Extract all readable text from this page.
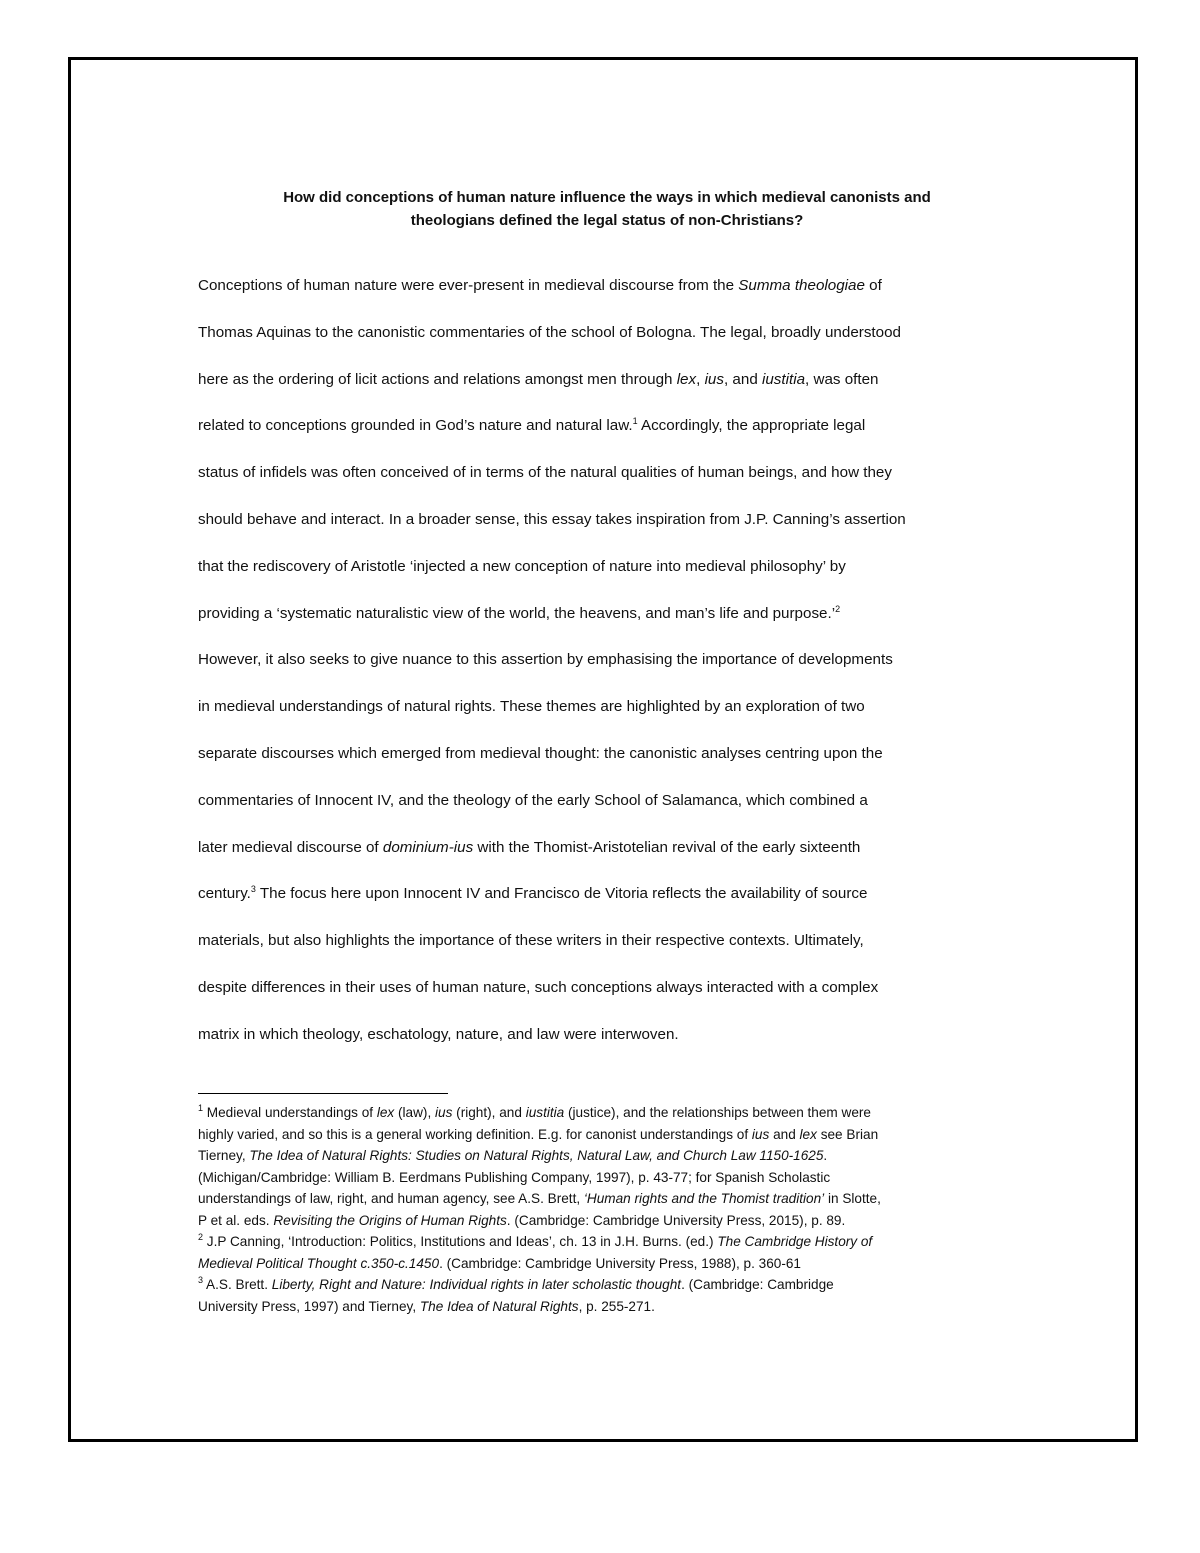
How did conceptions of human nature influence the ways in which medieval canonists and
theologians defined the legal status of non-Christians?
Conceptions of human nature were ever-present in medieval discourse from the Summa theologiae of
Thomas Aquinas to the canonistic commentaries of the school of Bologna. The legal, broadly understood
here as the ordering of licit actions and relations amongst men through lex, ius, and iustitia, was often
related to conceptions grounded in God’s nature and natural law.$^1$ Accordingly, the appropriate legal
status of infidels was often conceived of in terms of the natural qualities of human beings, and how they
should behave and interact. In a broader sense, this essay takes inspiration from J.P. Canning’s assertion
that the rediscovery of Aristotle ‘injected a new conception of nature into medieval philosophy’ by
providing a ‘systematic naturalistic view of the world, the heavens, and man’s life and purpose.’$^2$
However, it also seeks to give nuance to this assertion by emphasising the importance of developments
in medieval understandings of natural rights. These themes are highlighted by an exploration of two
separate discourses which emerged from medieval thought: the canonistic analyses centring upon the
commentaries of Innocent IV, and the theology of the early School of Salamanca, which combined a
later medieval discourse of dominium-ius with the Thomist-Aristotelian revival of the early sixteenth
century.$^3$ The focus here upon Innocent IV and Francisco de Vitoria reflects the availability of source
materials, but also highlights the importance of these writers in their respective contexts. Ultimately,
despite differences in their uses of human nature, such conceptions always interacted with a complex
matrix in which theology, eschatology, nature, and law were interwoven.
$^1$ Medieval understandings of lex (law), ius (right), and iustitia (justice), and the relationships between them were
highly varied, and so this is a general working definition. E.g. for canonist understandings of ius and lex see Brian
Tierney, The Idea of Natural Rights: Studies on Natural Rights, Natural Law, and Church Law 1150-1625.
(Michigan/Cambridge: William B. Eerdmans Publishing Company, 1997), p. 43-77; for Spanish Scholastic
understandings of law, right, and human agency, see A.S. Brett, ‘Human rights and the Thomist tradition’ in Slotte,
P et al. eds. Revisiting the Origins of Human Rights. (Cambridge: Cambridge University Press, 2015), p. 89.
$^2$ J.P Canning, ‘Introduction: Politics, Institutions and Ideas’, ch. 13 in J.H. Burns. (ed.) The Cambridge History of
Medieval Political Thought c.350-c.1450. (Cambridge: Cambridge University Press, 1988), p. 360-61
$^3$ A.S. Brett. Liberty, Right and Nature: Individual rights in later scholastic thought. (Cambridge: Cambridge
University Press, 1997) and Tierney, The Idea of Natural Rights, p. 255-271.
